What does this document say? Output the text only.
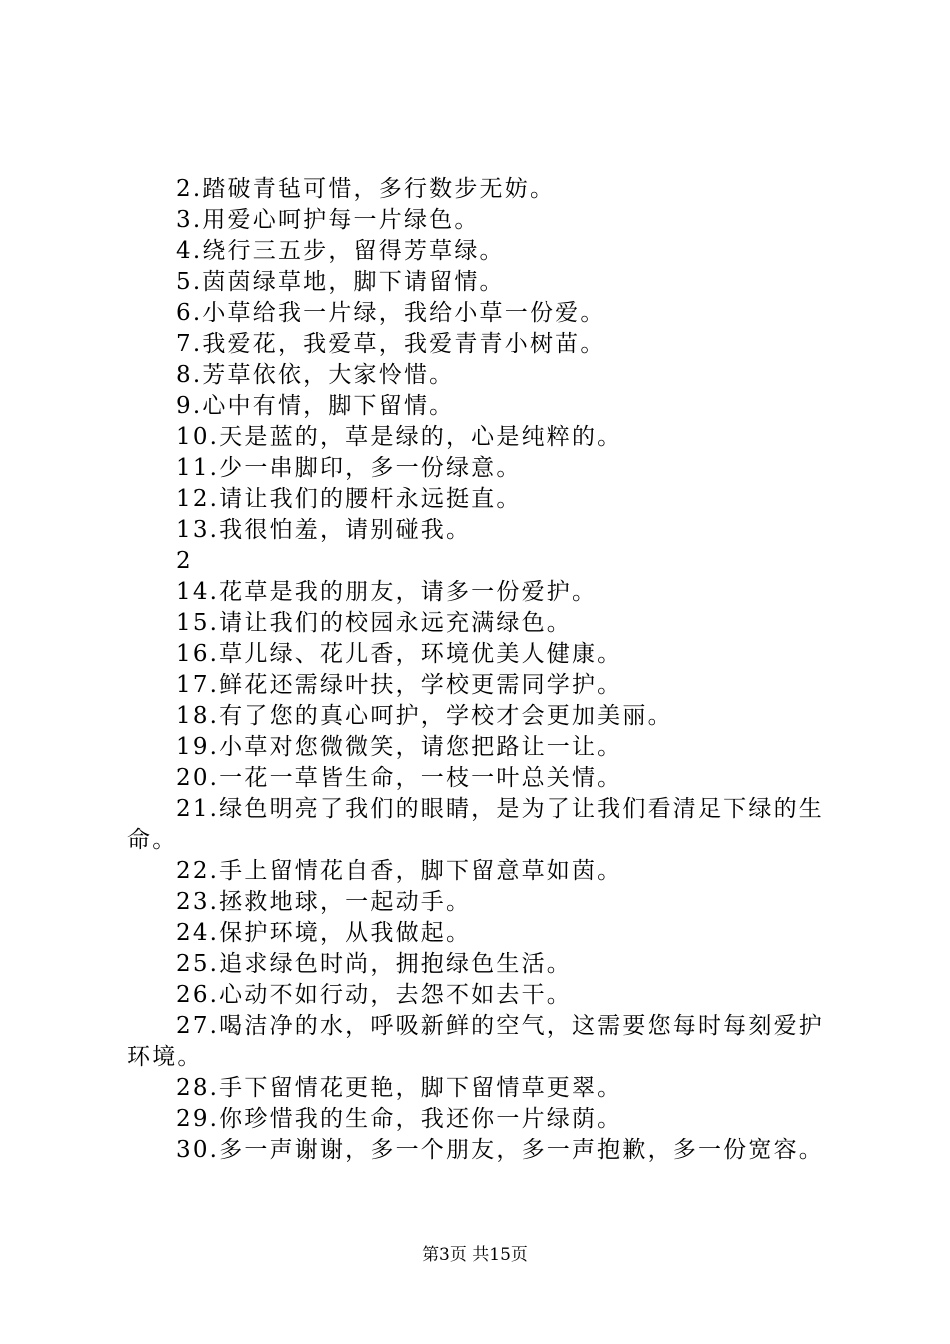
2.踏破青毡可惜，多行数步无妨。
3.用爱心呵护每一片绿色。
4.绕行三五步，留得芳草绿。
5.茵茵绿草地，脚下请留情。
6.小草给我一片绿，我给小草一份爱。
7.我爱花，我爱草，我爱青青小树苗。
8.芳草依依，大家怜惜。
9.心中有情，脚下留情。
10.天是蓝的，草是绿的，心是纯粹的。
11.少一串脚印，多一份绿意。
12.请让我们的腰杆永远挺直。
13.我很怕羞，请别碰我。
2
14.花草是我的朋友，请多一份爱护。
15.请让我们的校园永远充满绿色。
16.草儿绿、花儿香，环境优美人健康。
17.鲜花还需绿叶扶，学校更需同学护。
18.有了您的真心呵护，学校才会更加美丽。
19.小草对您微微笑，请您把路让一让。
20.一花一草皆生命，一枝一叶总关情。
21.绿色明亮了我们的眼睛，是为了让我们看清足下绿的生命。
22.手上留情花自香，脚下留意草如茵。
23.拯救地球，一起动手。
24.保护环境，从我做起。
25.追求绿色时尚，拥抱绿色生活。
26.心动不如行动，去怨不如去干。
27.喝洁净的水，呼吸新鲜的空气，这需要您每时每刻爱护环境。
28.手下留情花更艳，脚下留情草更翠。
29.你珍惜我的生命，我还你一片绿荫。
30.多一声谢谢，多一个朋友，多一声抱歉，多一份宽容。
第3页 共15页
